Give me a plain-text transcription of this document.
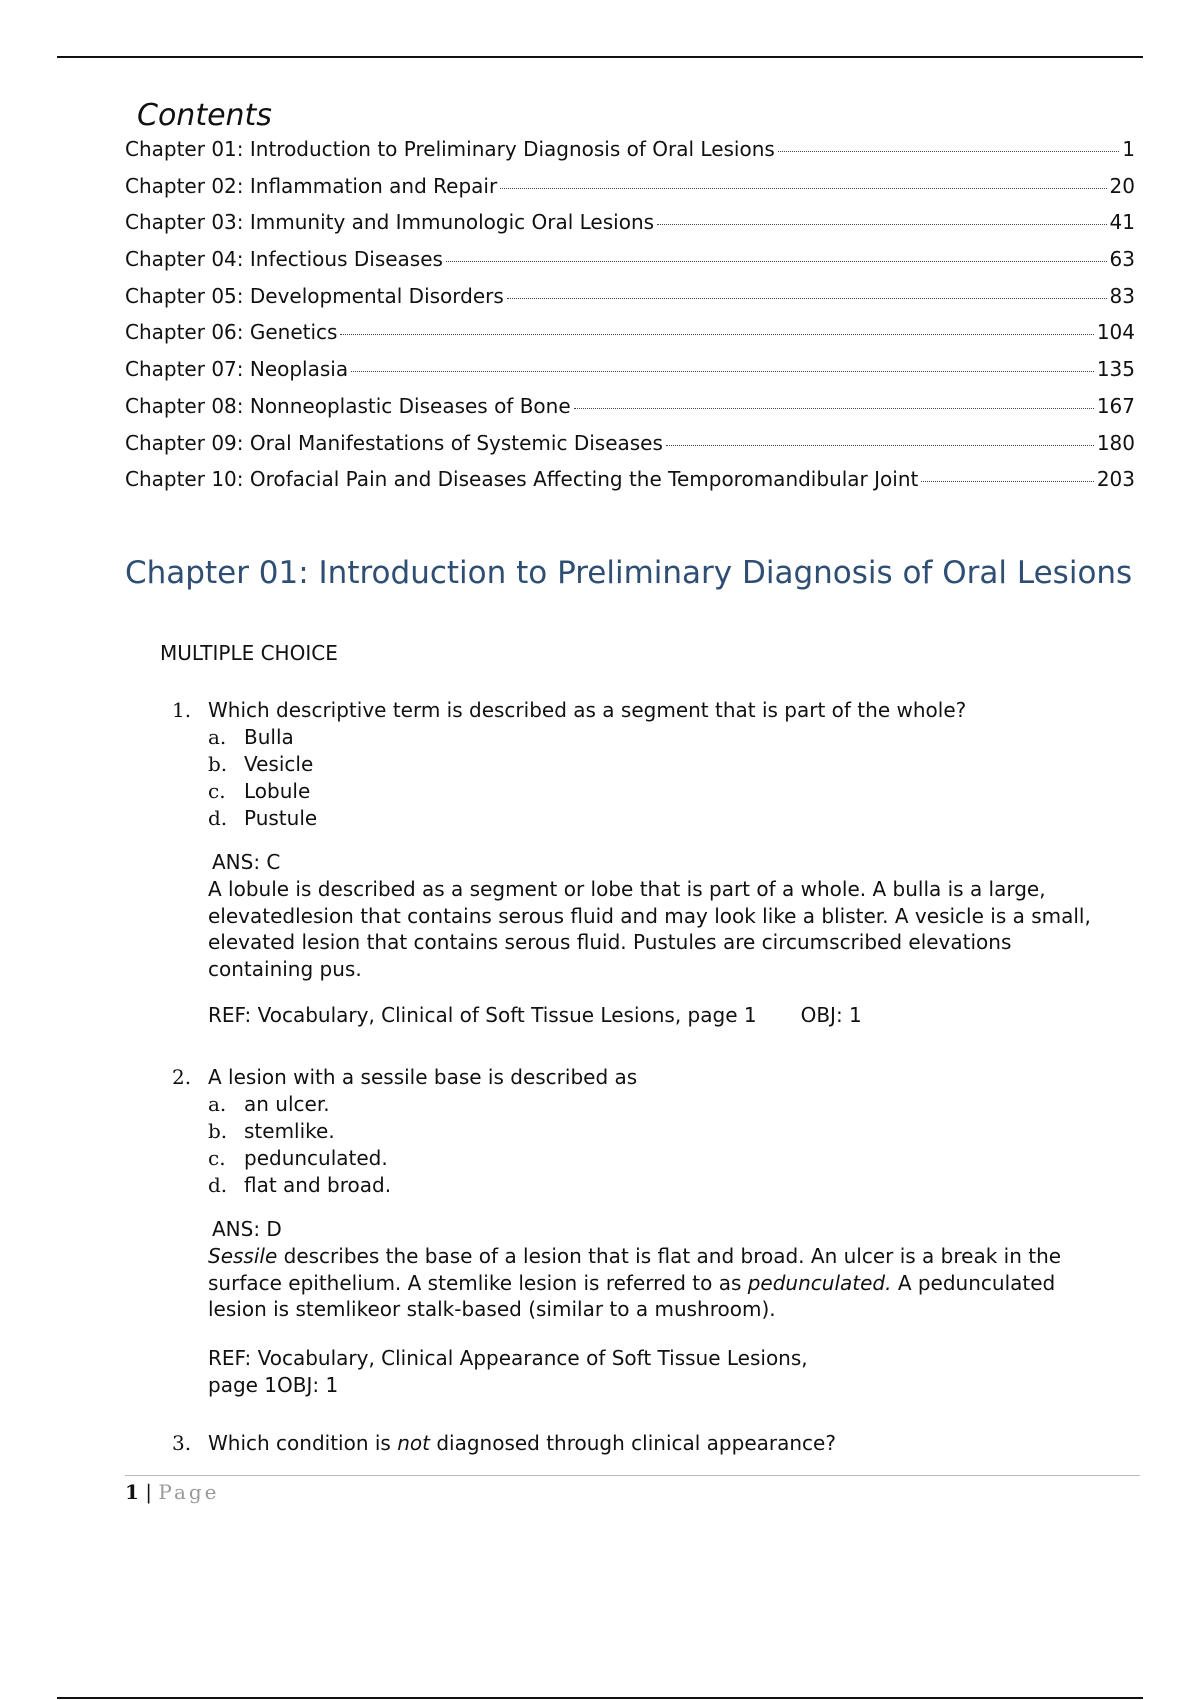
Contents
Chapter 01: Introduction to Preliminary Diagnosis of Oral Lesions	1
Chapter 02: Inflammation and Repair	20
Chapter 03: Immunity and Immunologic Oral Lesions	41
Chapter 04: Infectious Diseases	63
Chapter 05: Developmental Disorders	83
Chapter 06: Genetics	104
Chapter 07: Neoplasia	135
Chapter 08: Nonneoplastic Diseases of Bone	167
Chapter 09: Oral Manifestations of Systemic Diseases	180
Chapter 10: Orofacial Pain and Diseases Affecting the Temporomandibular Joint	203
Chapter 01: Introduction to Preliminary Diagnosis of Oral Lesions
MULTIPLE CHOICE
1. Which descriptive term is described as a segment that is part of the whole?
a. Bulla
b. Vesicle
c. Lobule
d. Pustule
ANS: C
A lobule is described as a segment or lobe that is part of a whole. A bulla is a large, elevatedlesion that contains serous fluid and may look like a blister. A vesicle is a small, elevated lesion that contains serous fluid. Pustules are circumscribed elevations containing pus.
REF: Vocabulary, Clinical of Soft Tissue Lesions, page 1 OBJ: 1
2. A lesion with a sessile base is described as
a. an ulcer.
b. stemlike.
c. pedunculated.
d. flat and broad.
ANS: D
Sessile describes the base of a lesion that is flat and broad. An ulcer is a break in the surface epithelium. A stemlike lesion is referred to as pedunculated. A pedunculated lesion is stemlikeor stalk-based (similar to a mushroom).
REF: Vocabulary, Clinical Appearance of Soft Tissue Lesions,
page 1OBJ: 1
3. Which condition is not diagnosed through clinical appearance?
1 | Page
